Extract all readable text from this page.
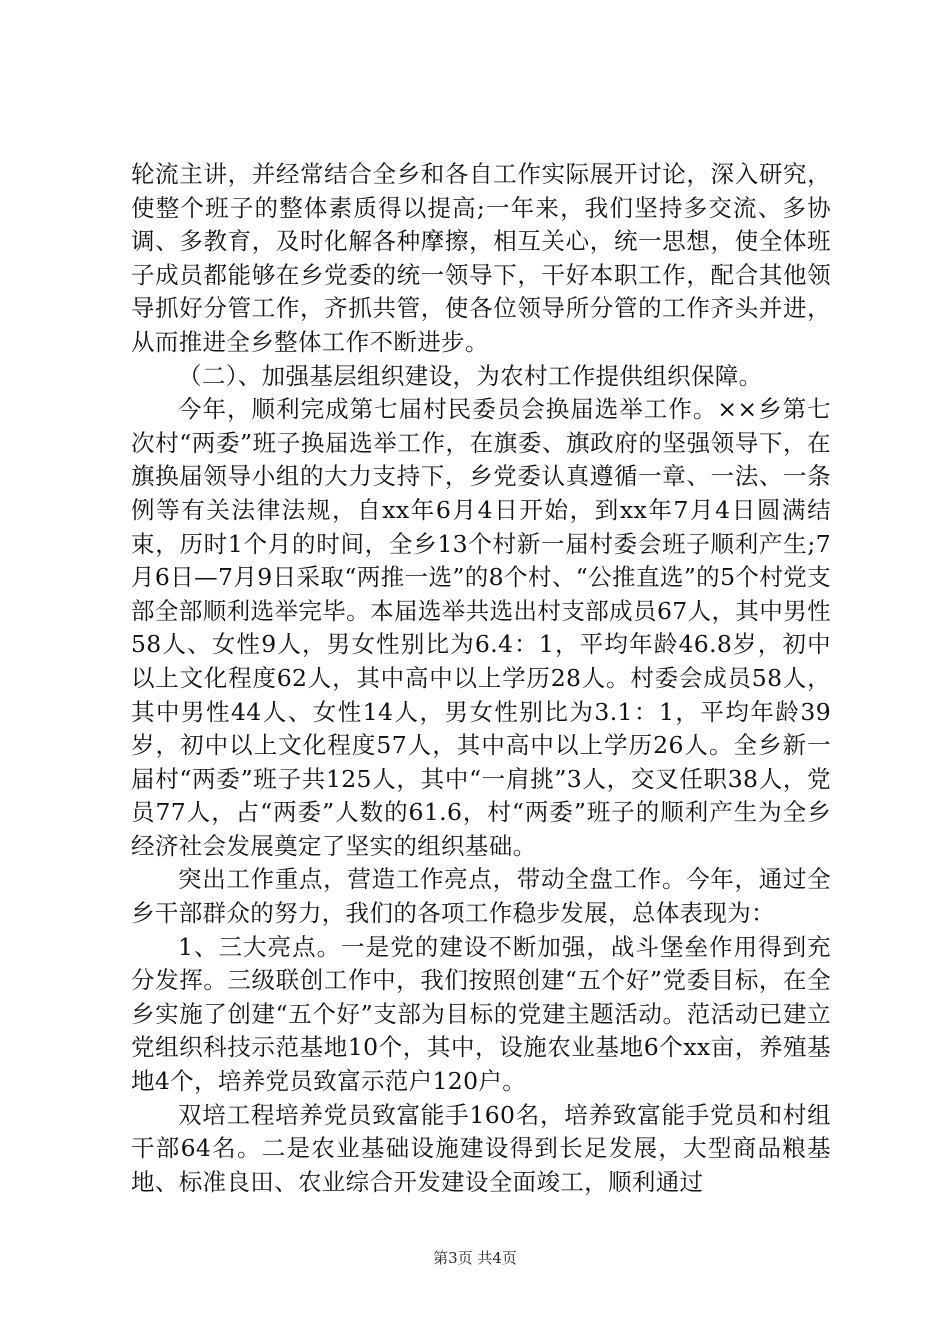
轮流主讲，并经常结合全乡和各自工作实际展开讨论，深入研究，使整个班子的整体素质得以提高;一年来，我们坚持多交流、多协调、多教育，及时化解各种摩擦，相互关心，统一思想，使全体班子成员都能够在乡党委的统一领导下，干好本职工作，配合其他领导抓好分管工作，齐抓共管，使各位领导所分管的工作齐头并进，从而推进全乡整体工作不断进步。

（二）、加强基层组织建设，为农村工作提供组织保障。

今年，顺利完成第七届村民委员会换届选举工作。××乡第七次村“两委”班子换届选举工作，在旗委、旗政府的坚强领导下，在旗换届领导小组的大力支持下，乡党委认真遵循一章、一法、一条例等有关法律法规，自xx年6月4日开始，到xx年7月4日圆满结束，历时1个月的时间，全乡13个村新一届村委会班子顺利产生;7月6日—7月9日采取“两推一选”的8个村、“公推直选”的5个村党支部全部顺利选举完毕。本届选举共选出村支部成员67人，其中男性58人、女性9人，男女性别比为6.4：1，平均年龄46.8岁，初中以上文化程度62人，其中高中以上学历28人。村委会成员58人，其中男性44人、女性14人，男女性别比为3.1：1，平均年龄39岁，初中以上文化程度57人，其中高中以上学历26人。全乡新一届村“两委”班子共125人，其中“一肩挑”3人，交叉任职38人，党员77人，占“两委”人数的61.6，村“两委”班子的顺利产生为全乡经济社会发展奠定了坚实的组织基础。

突出工作重点，营造工作亮点，带动全盘工作。今年，通过全乡干部群众的努力，我们的各项工作稳步发展，总体表现为：

1、三大亮点。一是党的建设不断加强，战斗堡垒作用得到充分发挥。三级联创工作中，我们按照创建“五个好”党委目标，在全乡实施了创建“五个好”支部为目标的党建主题活动。范活动已建立党组织科技示范基地10个，其中，设施农业基地6个xx亩，养殖基地4个，培养党员致富示范户120户。

双培工程培养党员致富能手160名，培养致富能手党员和村组干部64名。二是农业基础设施建设得到长足发展，大型商品粮基地、标准良田、农业综合开发建设全面竣工，顺利通过

第3页 共4页
